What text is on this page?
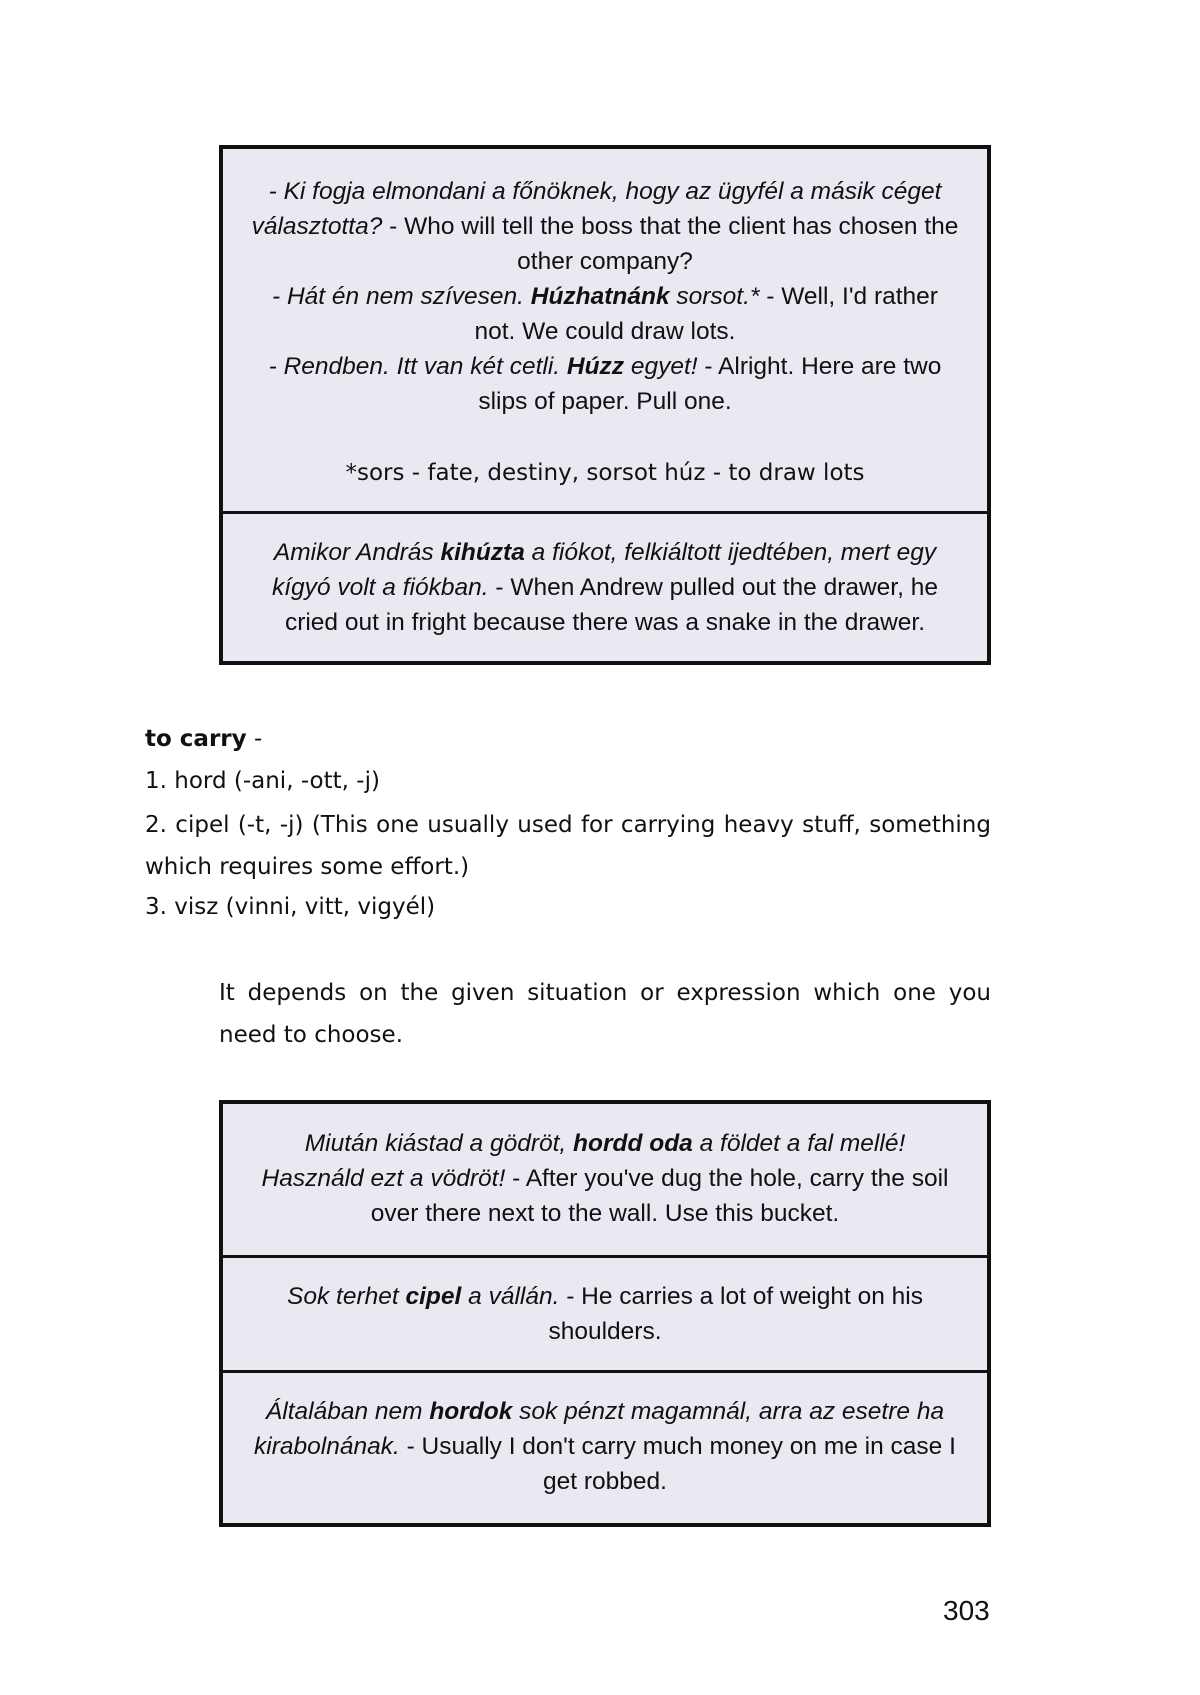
- Ki fogja elmondani a főnöknek, hogy az ügyfél a másik céget választotta? - Who will tell the boss that the client has chosen the other company?
- Hát én nem szívesen. Húzhatnánk sorsot.* - Well, I'd rather not. We could draw lots.
- Rendben. Itt van két cetli. Húzz egyet! - Alright. Here are two slips of paper. Pull one.
*sors - fate, destiny, sorsot húz - to draw lots
Amikor András kihúzta a fiókot, felkiáltott ijedtében, mert egy kígyó volt a fiókban. - When Andrew pulled out the drawer, he cried out in fright because there was a snake in the drawer.
to carry -
1. hord (-ani, -ott, -j)
2. cipel (-t, -j) (This one usually used for carrying heavy stuff, something which requires some effort.)
3. visz (vinni, vitt, vigyél)
It depends on the given situation or expression which one you need to choose.
Miután kiástad a gödröt, hordd oda a földet a fal mellé! Használd ezt a vödröt! - After you've dug the hole, carry the soil over there next to the wall. Use this bucket.
Sok terhet cipel a vállán. - He carries a lot of weight on his shoulders.
Általában nem hordok sok pénzt magamnál, arra az esetre ha kirabolnának. - Usually I don't carry much money on me in case I get robbed.
303
